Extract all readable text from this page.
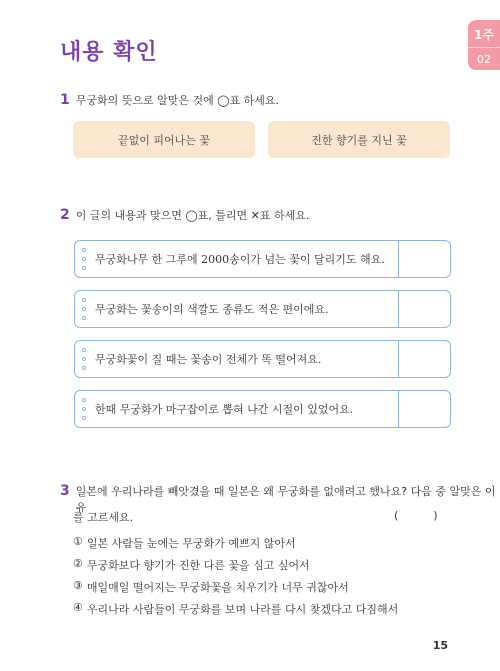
내용 확인
1주
02
1 무궁화의 뜻으로 알맞은 것에 ◯표 하세요.
끝없이 피어나는 꽃	진한 향기를 지닌 꽃
2 이 글의 내용과 맞으면 ◯표, 틀리면 ✕표 하세요.
무궁화나무 한 그루에 2000송이가 넘는 꽃이 달리기도 해요.
무궁화는 꽃송이의 색깔도 종류도 적은 편이에요.
무궁화꽃이 질 때는 꽃송이 전체가 똑 떨어져요.
한때 무궁화가 마구잡이로 뽑혀 나간 시절이 있었어요.
3 일본에 우리나라를 빼앗겼을 때 일본은 왜 무궁화를 없애려고 했나요? 다음 중 알맞은 이유
를 고르세요.	(          )
① 일본 사람들 눈에는 무궁화가 예쁘지 않아서
② 무궁화보다 향기가 진한 다른 꽃을 심고 싶어서
③ 매일매일 떨어지는 무궁화꽃을 치우기가 너무 귀찮아서
④ 우리나라 사람들이 무궁화를 보며 나라를 다시 찾겠다고 다짐해서
15
